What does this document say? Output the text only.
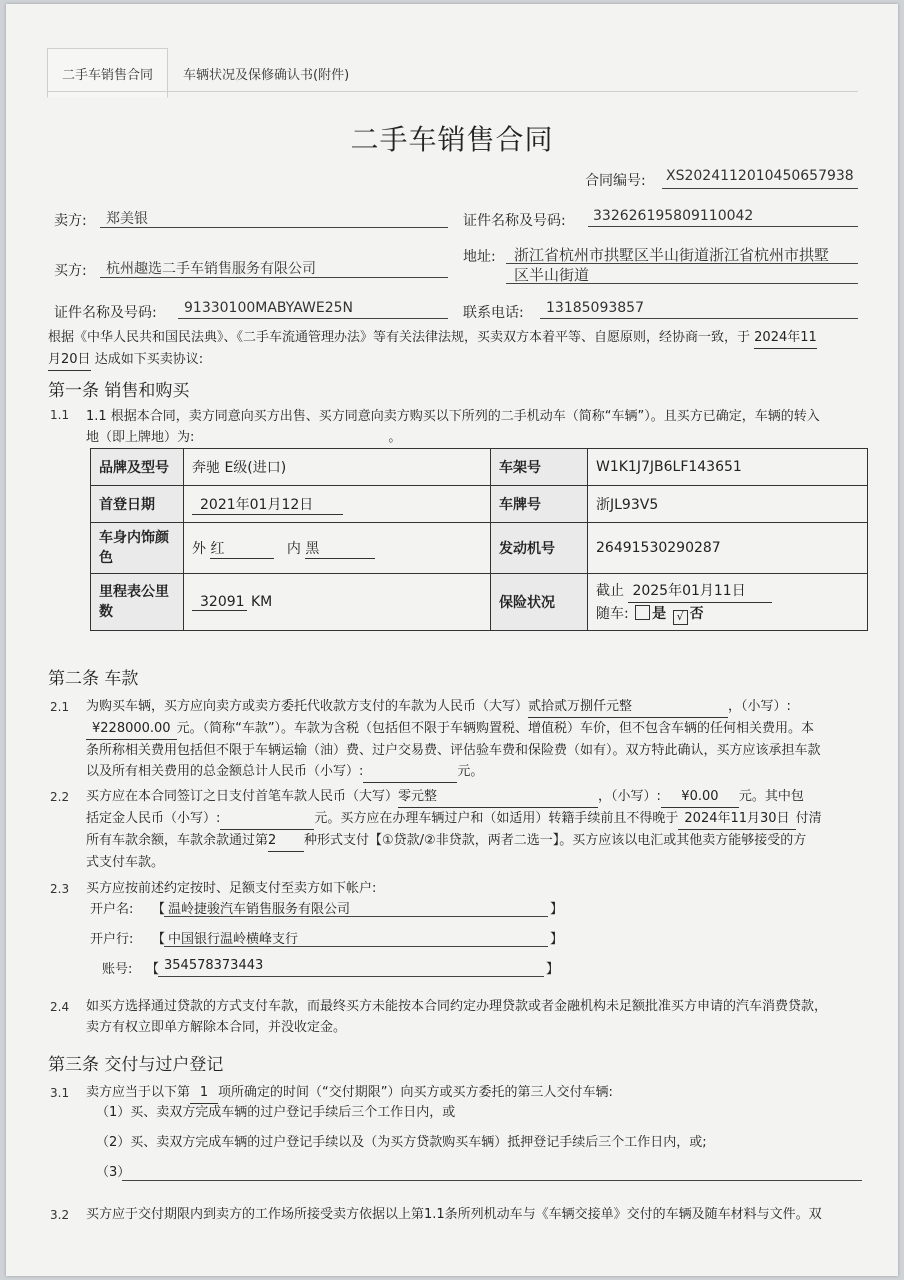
二手车销售合同	车辆状况及保修确认书(附件)
二手车销售合同
合同编号: XS2024112010450657938
卖方: 郑美银	证件名称及号码: 332626195809110042
买方: 杭州趣选二手车销售服务有限公司
地址: 浙江省杭州市拱墅区半山街道浙江省杭州市拱墅
区半山街道
证件名称及号码: 91330100MABYAWE25N	联系电话: 13185093857
根据《中华人民共和国民法典》、《二手车流通管理办法》等有关法律法规，买卖双方本着平等、自愿原则，经协商一致，于 2024年11
月20日 达成如下买卖协议:
第一条 销售和购买
1.1 1.1 根据本合同，卖方同意向买方出售、买方同意向卖方购买以下所列的二手机动车（简称“车辆”）。且买方已确定，车辆的转入
地（即上牌地）为:	。
品牌及型号	奔驰 E级(进口)	车架号	W1K1J7JB6LF143651
首登日期	2021年01月12日	车牌号	浙JL93V5
车身内饰颜色	外 红 内 黑	发动机号	26491530290287
里程表公里数	32091 KM	保险状况	截止 2025年01月11日
随车: 是 √ 否
第二条 车款
2.1 为购买车辆，买方应向卖方或卖方委托代收款方支付的车款为人民币（大写）贰拾贰万捌仟元整	，（小写）:
¥228000.00 元。（简称“车款”）。车款为含税（包括但不限于车辆购置税、增值税）车价，但不包含车辆的任何相关费用。本
条所称相关费用包括但不限于车辆运输（油）费、过户交易费、评估验车费和保险费（如有）。双方特此确认，买方应该承担车款
以及所有相关费用的总金额总计人民币（小写）:	元。
2.2 买方应在本合同签订之日支付首笔车款人民币（大写）零元整	，（小写）: ¥0.00 元。其中包
括定金人民币（小写）:	元。买方应在办理车辆过户和（如适用）转籍手续前且不得晚于 2024年11月30日 付清
所有车款余额，车款余款通过第2 种形式支付【①贷款/②非贷款，两者二选一】。买方应该以电汇或其他卖方能够接受的方
式支付车款。
2.3 买方应按前述约定按时、足额支付至卖方如下帐户:
开户名: 【 温岭捷骏汽车销售服务有限公司	】
开户行: 【 中国银行温岭横峰支行	】
账号: 【 354578373443	】
2.4 如买方选择通过贷款的方式支付车款，而最终买方未能按本合同约定办理贷款或者金融机构未足额批准买方申请的汽车消费贷款，
卖方有权立即单方解除本合同，并没收定金。
第三条 交付与过户登记
3.1 卖方应当于以下第 1 项所确定的时间（“交付期限”）向买方或买方委托的第三人交付车辆:
（1）买、卖双方完成车辆的过户登记手续后三个工作日内，或
（2）买、卖双方完成车辆的过户登记手续以及（为买方贷款购买车辆）抵押登记手续后三个工作日内，或;
（3）
3.2 买方应于交付期限内到卖方的工作场所接受卖方依据以上第1.1条所列机动车与《车辆交接单》交付的车辆及随车材料与文件。双
